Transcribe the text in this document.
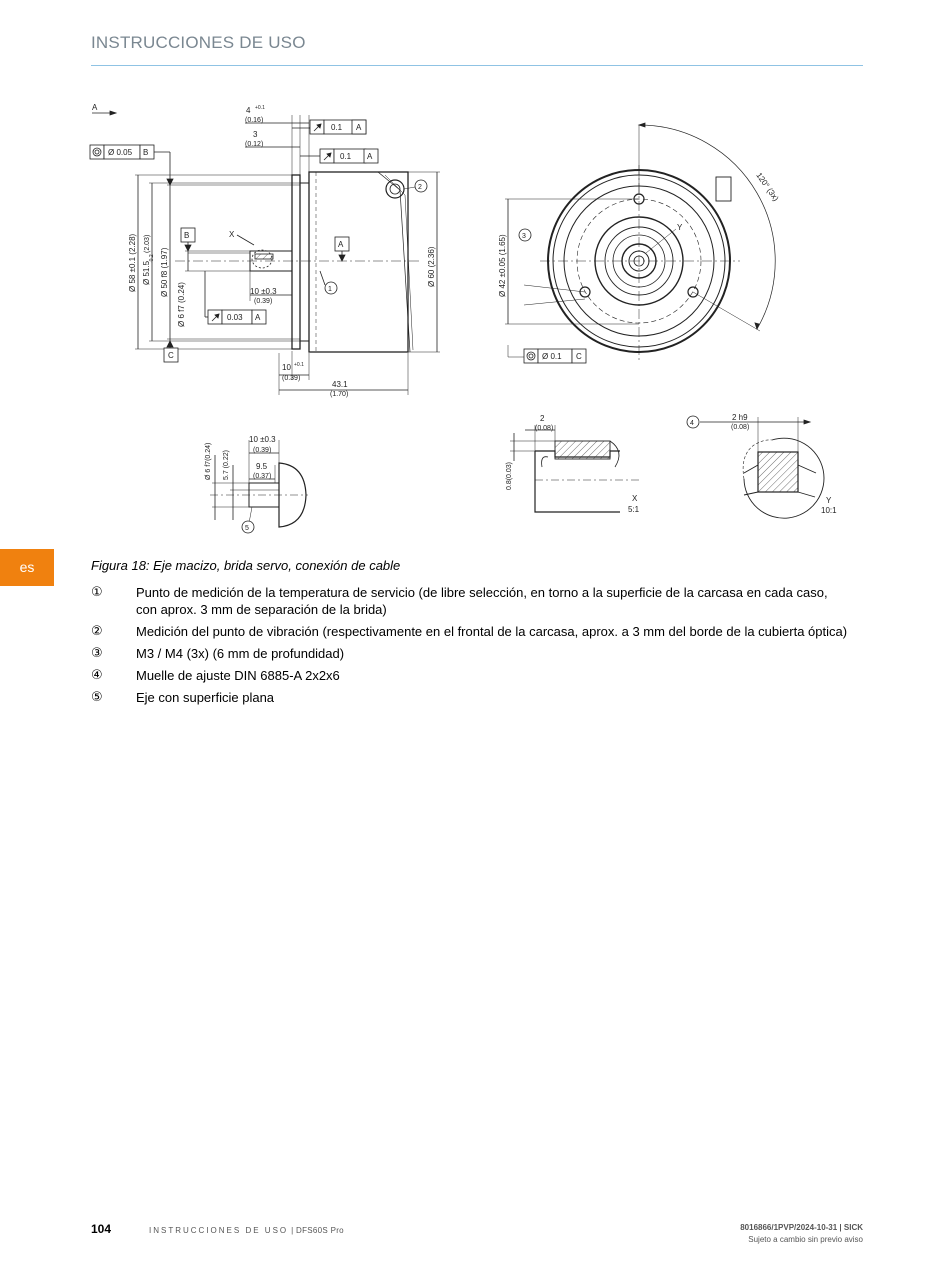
INSTRUCCIONES DE USO
A	4 +0.1
(0.16)
3
(0.12)
0.1 A
0.1 A
Ø 0.05 B
B
C
A
X
Ø 58 ±0.1 (2.28) Ø 51.5
-0.2
(2.03)
Ø 50 f8 (1.97)
Ø 6 f7 (0.24)
Ø 60 (2.36)
10 ±0.3
(0.39)
0.03 A
10 +0.1
(0.39)
43.1
(1.70)
1
2	120° (3x)
Y
Ø 42 ±0.05 (1.65)
Ø 0.1 C
3
5
Ø 6 f7(0.24) 5.7 (0.22)
10 ±0.3
(0.39)
9.5
(0.37)
2
(0.08)
0.8(0.03)
X
5:1
4
2 h9
(0.08)
Y
10:1
es	Figura 18: Eje macizo, brida servo, conexión de cable
①	Punto de medición de la temperatura de servicio (de libre selección, en torno a la superficie de la carcasa en cada caso, con aprox. 3 mm de separación de la brida)
②	Medición del punto de vibración (respectivamente en el frontal de la carcasa, aprox. a 3 mm del borde de la cubierta óptica)
③	M3 / M4 (3x) (6 mm de profundidad)
④	Muelle de ajuste DIN 6885-A 2x2x6
⑤	Eje con superficie plana
104	INSTRUCCIONES DE USO | DFS60S Pro	8016866/1PVP/2024-10-31 | SICK
Sujeto a cambio sin previo aviso
